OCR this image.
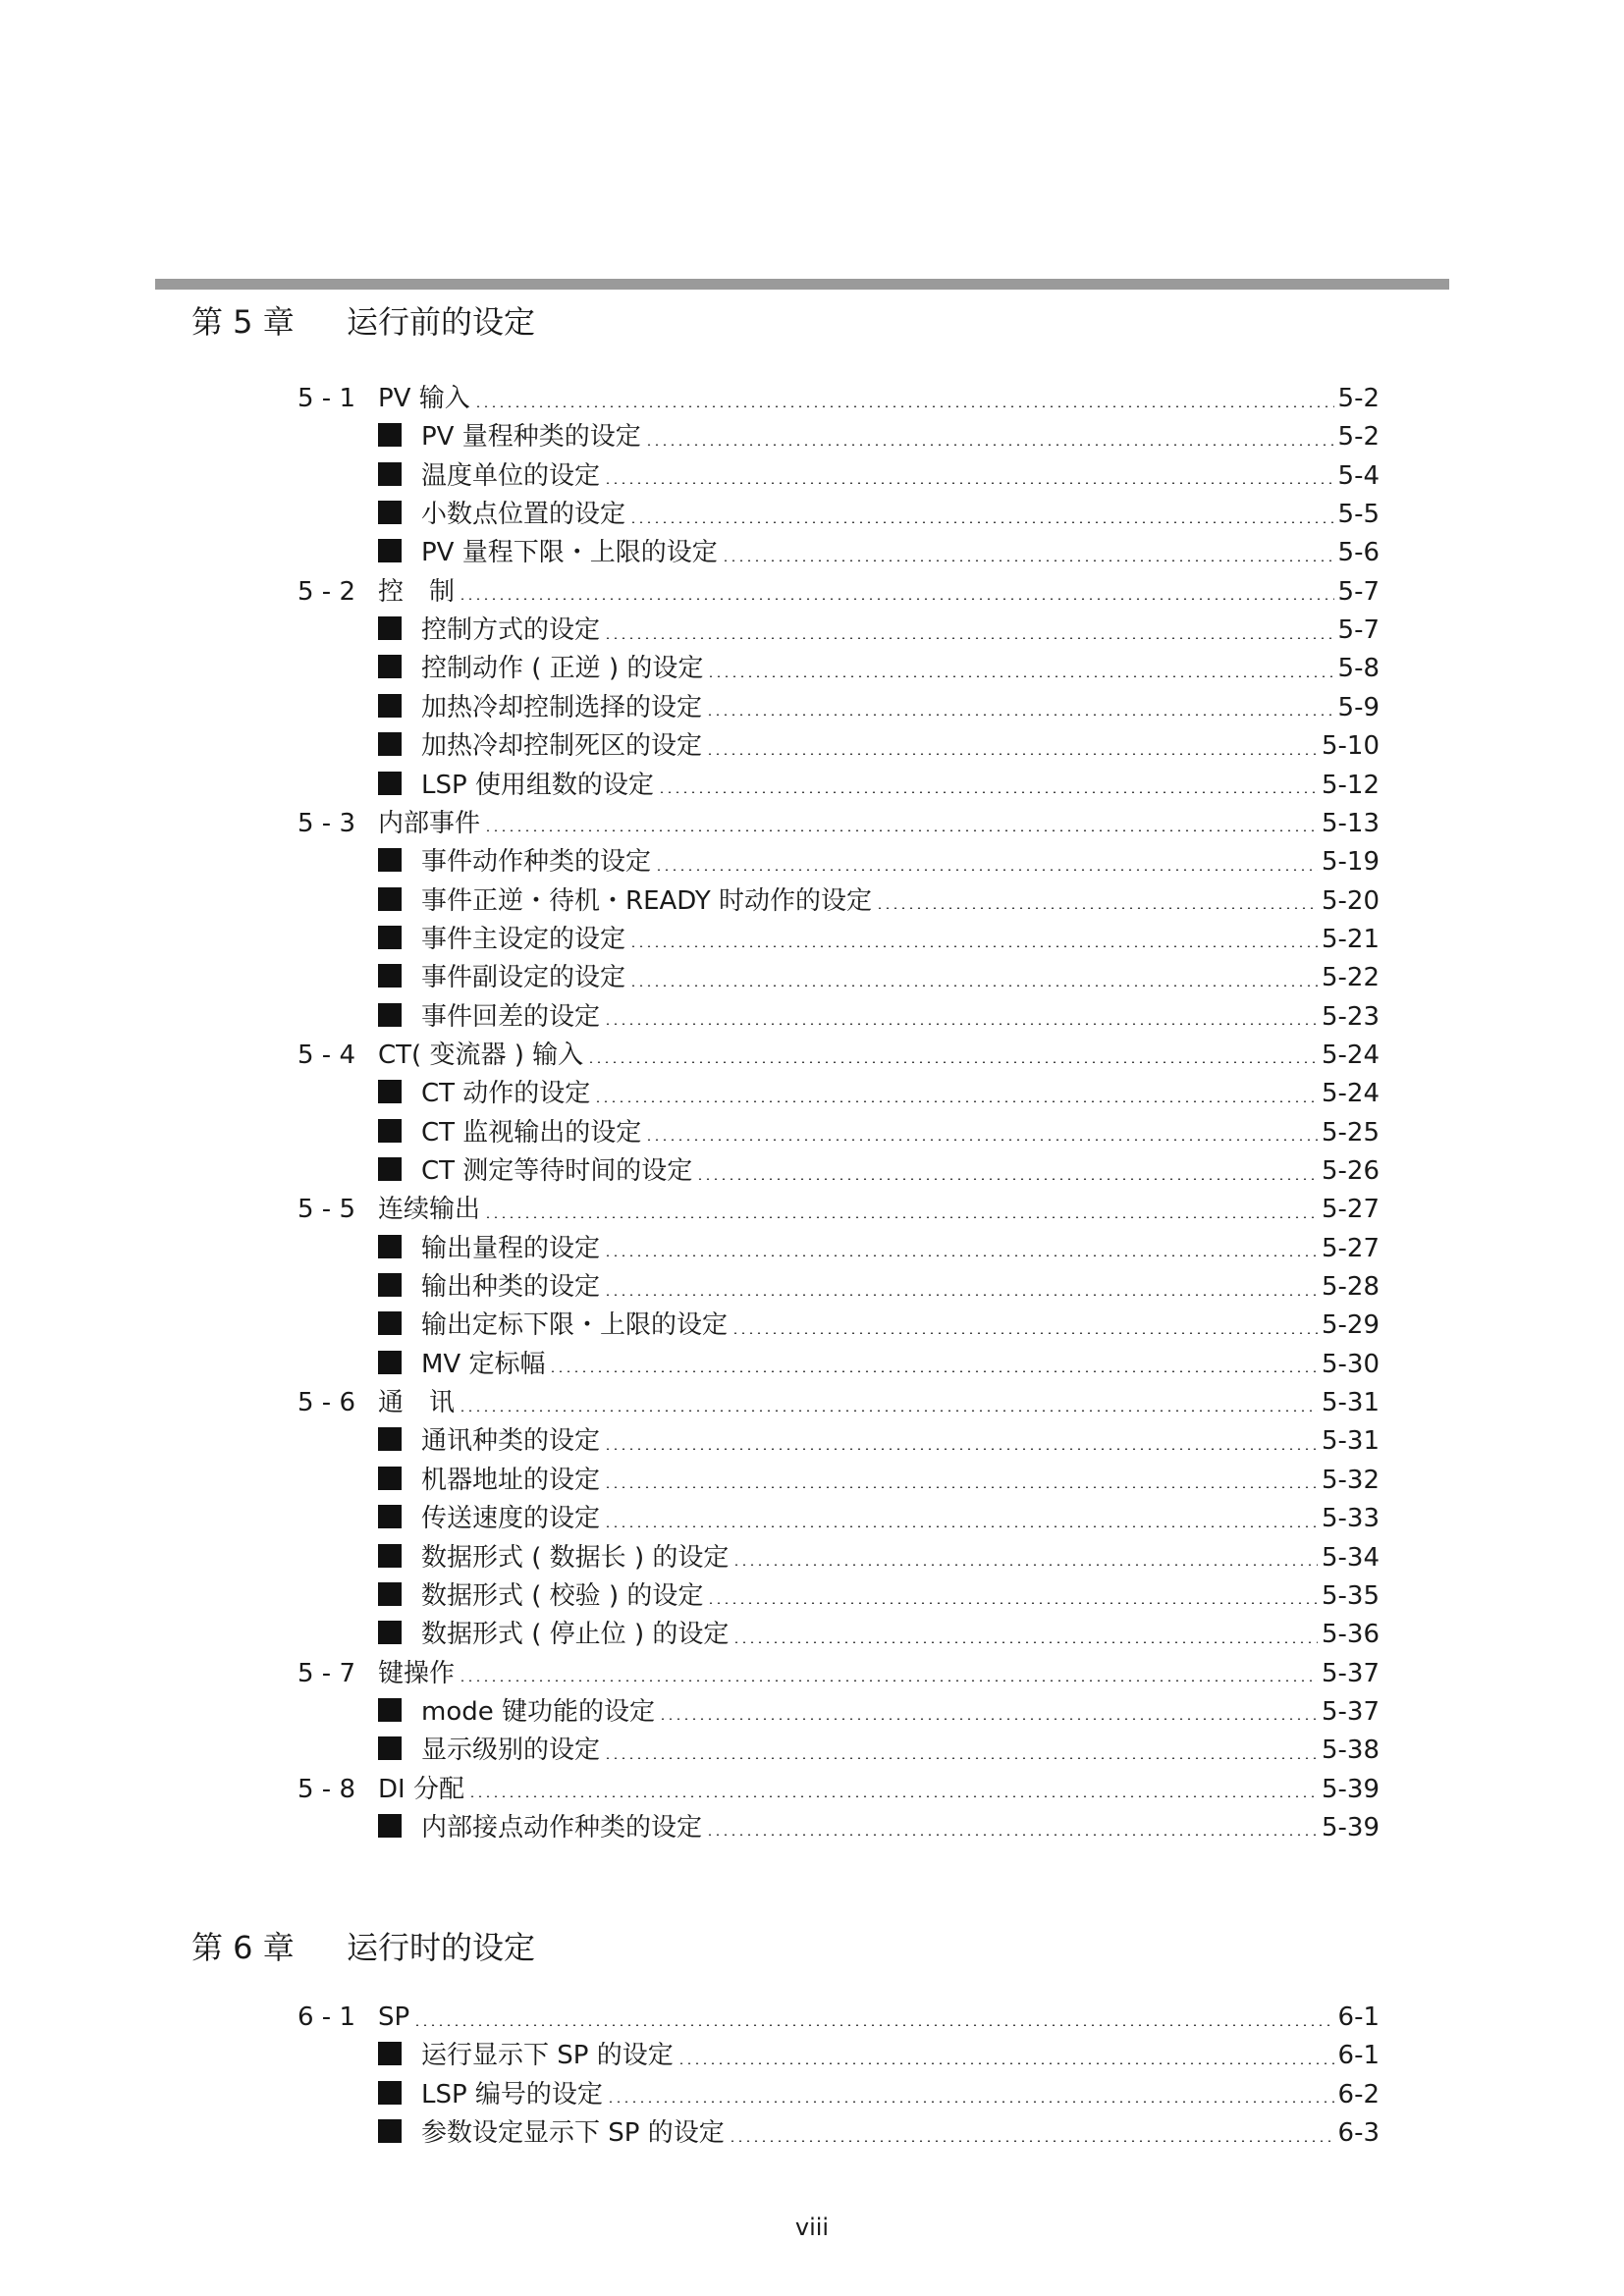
第 5 章 运行前的设定
5 - 1 PV 输入	5-2
PV 量程种类的设定	5-2
温度单位的设定	5-4
小数点位置的设定	5-5
PV 量程下限・上限的设定	5-6
5 - 2 控　制	5-7
控制方式的设定	5-7
控制动作 ( 正逆 ) 的设定	5-8
加热冷却控制选择的设定	5-9
加热冷却控制死区的设定	5-10
LSP 使用组数的设定	5-12
5 - 3 内部事件	5-13
事件动作种类的设定	5-19
事件正逆・待机・READY 时动作的设定	5-20
事件主设定的设定	5-21
事件副设定的设定	5-22
事件回差的设定	5-23
5 - 4 CT( 变流器 ) 输入	5-24
CT 动作的设定	5-24
CT 监视输出的设定	5-25
CT 测定等待时间的设定	5-26
5 - 5 连续输出	5-27
输出量程的设定	5-27
输出种类的设定	5-28
输出定标下限・上限的设定	5-29
MV 定标幅	5-30
5 - 6 通　讯	5-31
通讯种类的设定	5-31
机器地址的设定	5-32
传送速度的设定	5-33
数据形式 ( 数据长 ) 的设定	5-34
数据形式 ( 校验 ) 的设定	5-35
数据形式 ( 停止位 ) 的设定	5-36
5 - 7 键操作	5-37
mode 键功能的设定	5-37
显示级别的设定	5-38
5 - 8 DI 分配	5-39
内部接点动作种类的设定	5-39
第 6 章 运行时的设定
6 - 1 SP	6-1
运行显示下 SP 的设定	6-1
LSP 编号的设定	6-2
参数设定显示下 SP 的设定	6-3
viii
